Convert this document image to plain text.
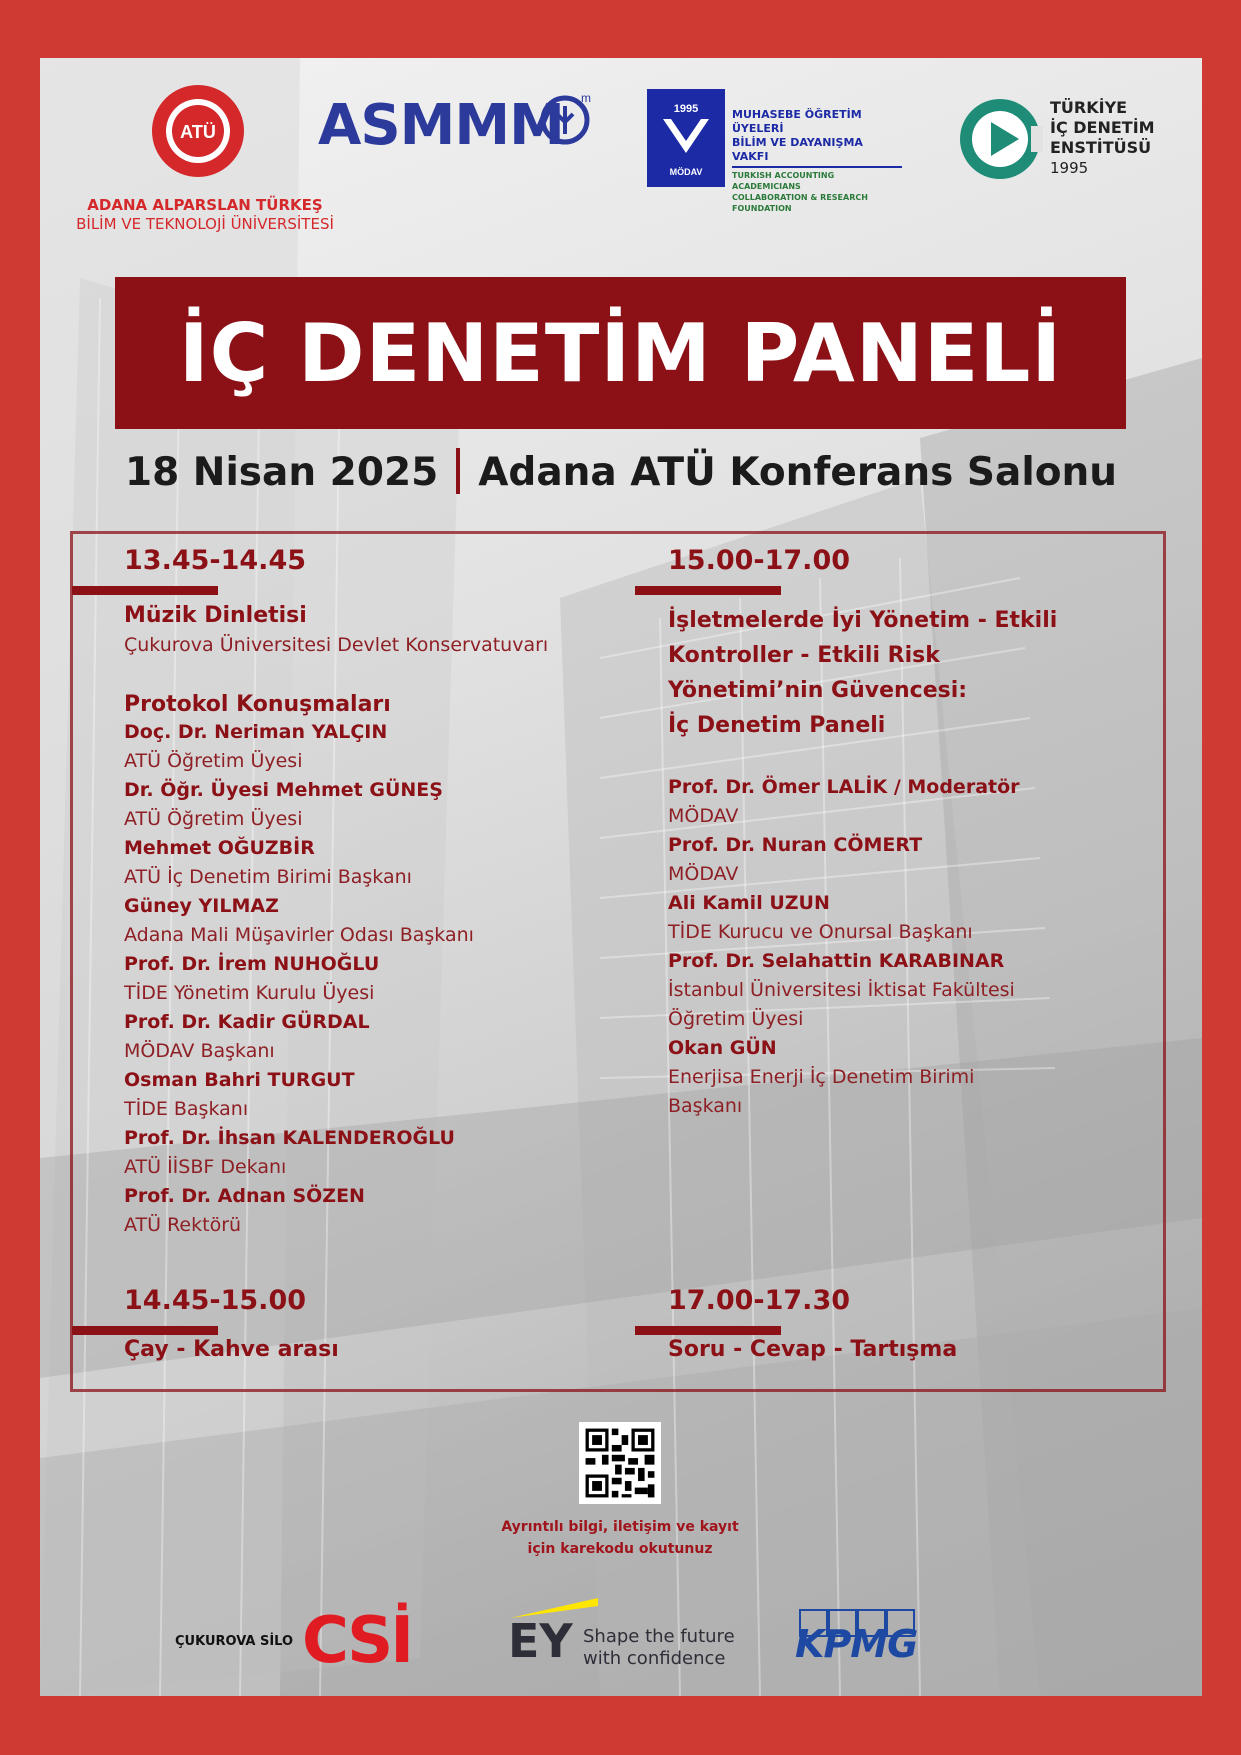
ATÜ
ADANA ALPARSLAN TÜRKEŞ
BİLİM VE TEKNOLOJİ ÜNİVERSİTESİ
ASMMM m
1995
MÖDAV
MUHASEBE ÖĞRETİM ÜYELERİ
BİLİM VE DAYANIŞMA VAKFI
TURKISH ACCOUNTING ACADEMICIANS
COLLABORATION & RESEARCH FOUNDATION
TÜRKİYE
İÇ DENETİM
ENSTİTÜSÜ
1995
İÇ DENETİM PANELİ
18 Nisan 2025 Adana ATÜ Konferans Salonu
13.45-14.45	15.00-17.00
Müzik Dinletisi
Çukurova Üniversitesi Devlet Konservatuvarı
Protokol Konuşmaları
Doç. Dr. Neriman YALÇIN
ATÜ Öğretim Üyesi
Dr. Öğr. Üyesi Mehmet GÜNEŞ
ATÜ Öğretim Üyesi
Mehmet OĞUZBİR
ATÜ İç Denetim Birimi Başkanı
Güney YILMAZ
Adana Mali Müşavirler Odası Başkanı
Prof. Dr. İrem NUHOĞLU
TİDE Yönetim Kurulu Üyesi
Prof. Dr. Kadir GÜRDAL
MÖDAV Başkanı
Osman Bahri TURGUT
TİDE Başkanı
Prof. Dr. İhsan KALENDEROĞLU
ATÜ İİSBF Dekanı
Prof. Dr. Adnan SÖZEN
ATÜ Rektörü
İşletmelerde İyi Yönetim - Etkili
Kontroller - Etkili Risk
Yönetimi’nin Güvencesi:
İç Denetim Paneli
Prof. Dr. Ömer LALİK / Moderatör
MÖDAV
Prof. Dr. Nuran CÖMERT
MÖDAV
Ali Kamil UZUN
TİDE Kurucu ve Onursal Başkanı
Prof. Dr. Selahattin KARABINAR
İstanbul Üniversitesi İktisat Fakültesi
Öğretim Üyesi
Okan GÜN
Enerjisa Enerji İç Denetim Birimi
Başkanı
14.45-15.00
Çay - Kahve arası
17.00-17.30
Soru - Cevap - Tartışma
Ayrıntılı bilgi, iletişim ve kayıt
için karekodu okutunuz
ÇUKUROVA SİLO CSİ EY Shape the future
with confidence KPMG
